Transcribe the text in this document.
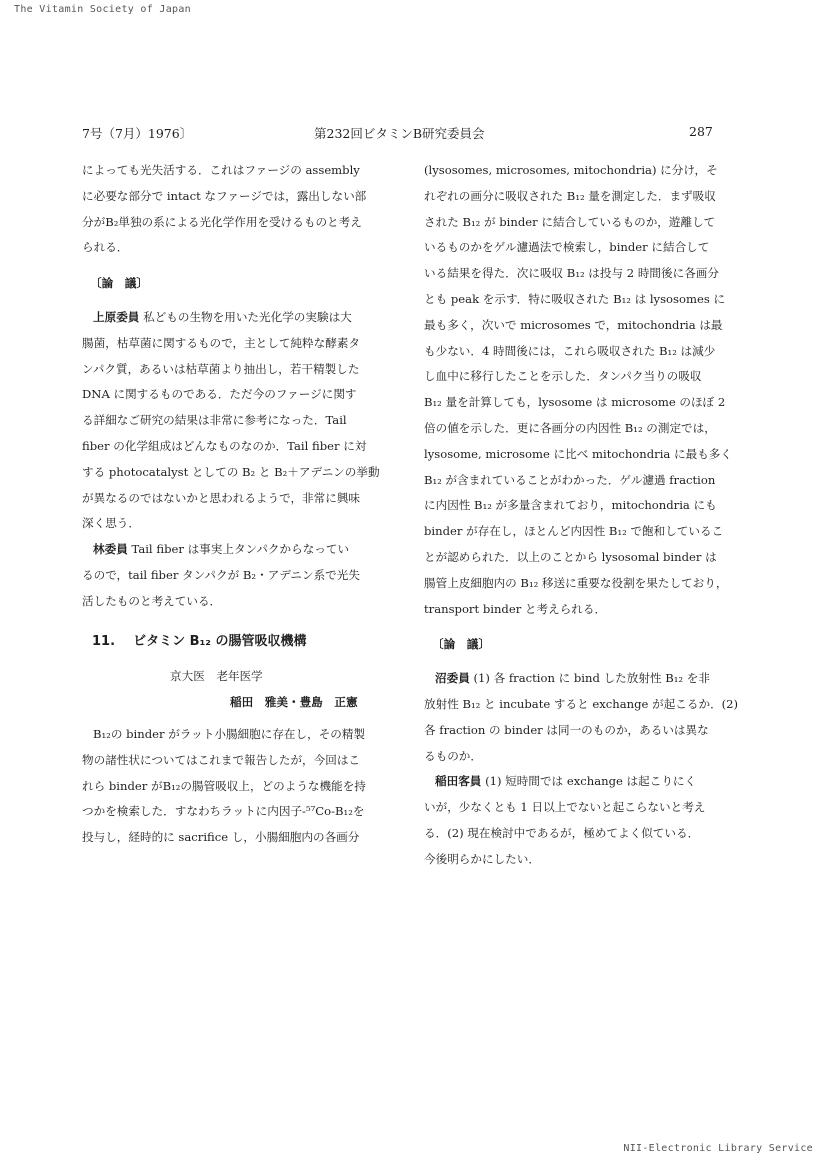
The Vitamin Society of Japan
7号（7月）1976〕	第232回ビタミンB研究委員会	287
によっても光失活する．これはファージの assembly
に必要な部分で intact なファージでは，露出しない部
分がB₂単独の系による光化学作用を受けるものと考え
られる．
〔論　議〕
上原委員 私どもの生物を用いた光化学の実験は大
腸菌，枯草菌に関するもので，主として純粋な酵素タ
ンパク質，あるいは枯草菌より抽出し，若干精製した
DNA に関するものである．ただ今のファージに関す
る詳細なご研究の結果は非常に参考になった．Tail
fiber の化学組成はどんなものなのか．Tail fiber に対
する photocatalyst としての B₂ と B₂＋アデニンの挙動
が異なるのではないかと思われるようで，非常に興味
深く思う．
林委員 Tail fiber は事実上タンパクからなってい
るので，tail fiber タンパクが B₂・アデニン系で光失
活したものと考えている．
11. ビタミン B₁₂ の腸管吸収機構
京大医　老年医学
稲田　雅美・豊島　正憲
B₁₂の binder がラット小腸細胞に存在し，その精製
物の諸性状についてはこれまで報告したが，今回はこ
れら binder がB₁₂の腸管吸収上，どのような機能を持
つかを検索した．すなわちラットに内因子-⁵⁷Co-B₁₂を
投与し，経時的に sacrifice し，小腸細胞内の各画分
(lysosomes, microsomes, mitochondria) に分け，そ
れぞれの画分に吸収された B₁₂ 量を測定した．まず吸収
された B₁₂ が binder に結合しているものか，遊離して
いるものかをゲル濾過法で検索し，binder に結合して
いる結果を得た．次に吸収 B₁₂ は投与 2 時間後に各画分
とも peak を示す．特に吸収された B₁₂ は lysosomes に
最も多く，次いで microsomes で，mitochondria は最
も少ない．4 時間後には，これら吸収された B₁₂ は減少
し血中に移行したことを示した．タンパク当りの吸収
B₁₂ 量を計算しても，lysosome は microsome のほぼ 2
倍の値を示した．更に各画分の内因性 B₁₂ の測定では，
lysosome, microsome に比べ mitochondria に最も多く
B₁₂ が含まれていることがわかった．ゲル濾過 fraction
に内因性 B₁₂ が多量含まれており，mitochondria にも
binder が存在し，ほとんど内因性 B₁₂ で飽和しているこ
とが認められた．以上のことから lysosomal binder は
腸管上皮細胞内の B₁₂ 移送に重要な役割を果たしており，
transport binder と考えられる．
〔論　議〕
沼委員 (1) 各 fraction に bind した放射性 B₁₂ を非
放射性 B₁₂ と incubate すると exchange が起こるか．(2)
各 fraction の binder は同一のものか，あるいは異な
るものか．
稲田客員 (1) 短時間では exchange は起こりにく
いが，少なくとも 1 日以上でないと起こらないと考え
る．(2) 現在検討中であるが，極めてよく似ている．
今後明らかにしたい．
NII-Electronic Library Service
